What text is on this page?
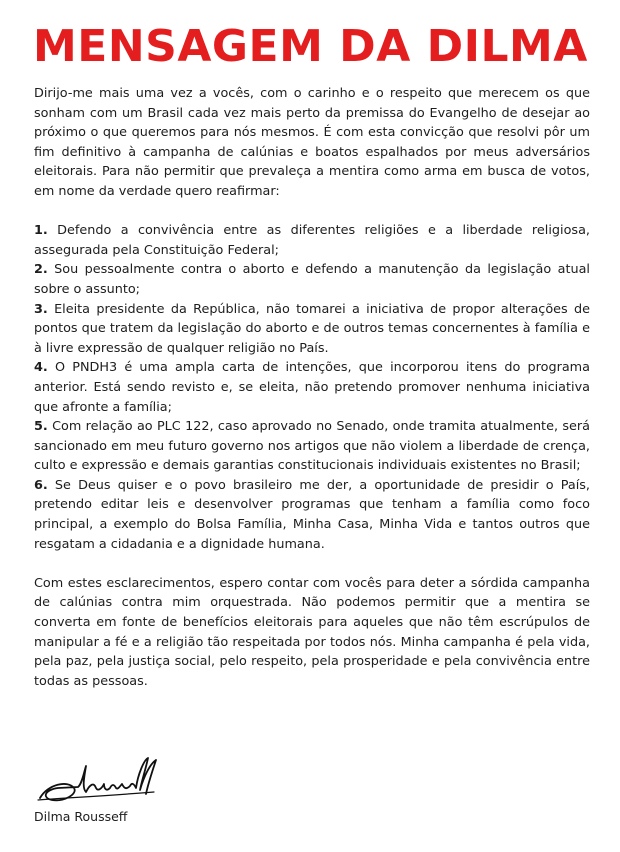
MENSAGEM DA DILMA

Dirijo-me mais uma vez a vocês, com o carinho e o respeito que merecem os que sonham com um Brasil cada vez mais perto da premissa do Evangelho de desejar ao próximo o que queremos para nós mesmos. É com esta convicção que resolvi pôr um fim definitivo à campanha de calúnias e boatos espalhados por meus adversários eleitorais. Para não permitir que prevaleça a mentira como arma em busca de votos, em nome da verdade quero reafirmar:

1. Defendo a convivência entre as diferentes religiões e a liberdade religiosa, assegurada pela Constituição Federal;

2. Sou pessoalmente contra o aborto e defendo a manutenção da legislação atual sobre o assunto;

3. Eleita presidente da República, não tomarei a iniciativa de propor alterações de pontos que tratem da legislação do aborto e de outros temas concernentes à família e à livre expressão de qualquer religião no País.

4. O PNDH3 é uma ampla carta de intenções, que incorporou itens do programa anterior. Está sendo revisto e, se eleita, não pretendo promover nenhuma iniciativa que afronte a família;

5. Com relação ao PLC 122, caso aprovado no Senado, onde tramita atualmente, será sancionado em meu futuro governo nos artigos que não violem a liberdade de crença, culto e expressão e demais garantias constitucionais individuais existentes no Brasil;

6. Se Deus quiser e o povo brasileiro me der, a oportunidade de presidir o País, pretendo editar leis e desenvolver programas que tenham a família como foco principal, a exemplo do Bolsa Família, Minha Casa, Minha Vida e tantos outros que resgatam a cidadania e a dignidade humana.

Com estes esclarecimentos, espero contar com vocês para deter a sórdida campanha de calúnias contra mim orquestrada. Não podemos permitir que a mentira se converta em fonte de benefícios eleitorais para aqueles que não têm escrúpulos de manipular a fé e a religião tão respeitada por todos nós. Minha campanha é pela vida, pela paz, pela justiça social, pelo respeito, pela prosperidade e pela convivência entre todas as pessoas.

Dilma Rousseff
